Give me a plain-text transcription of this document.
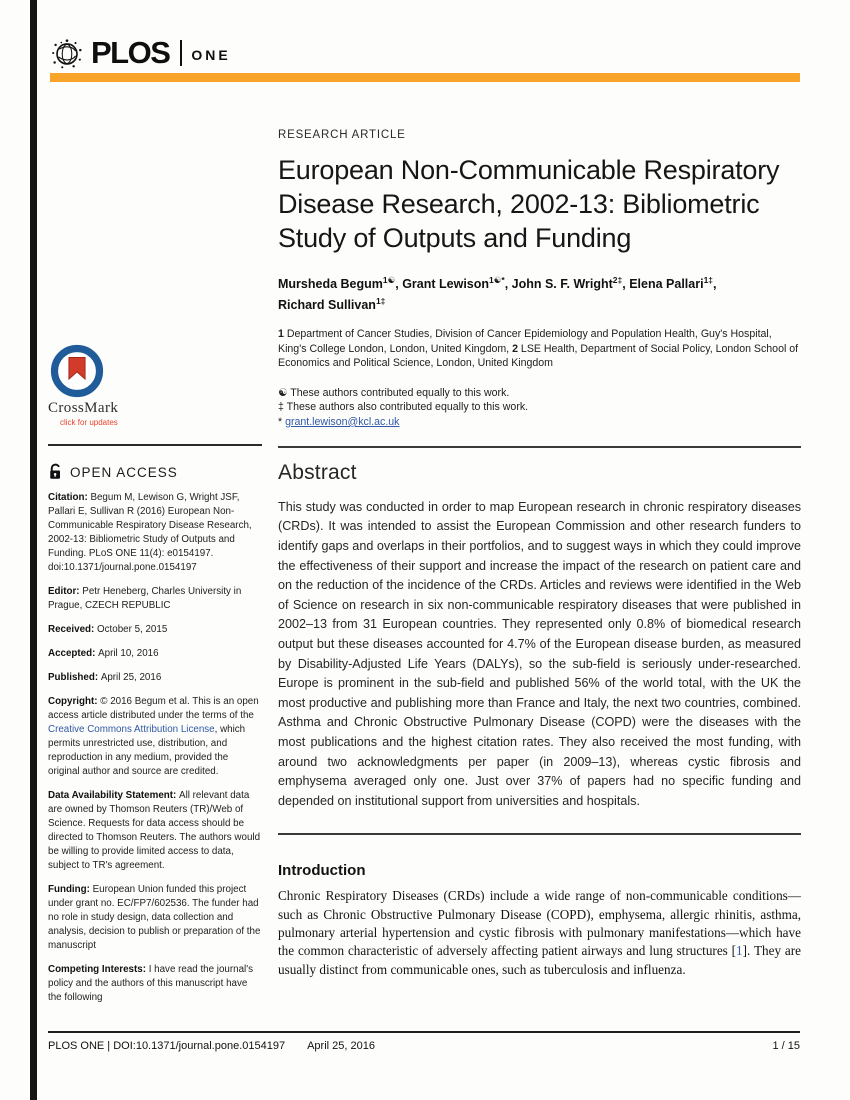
PLOS ONE
CrossMark
click for updates
OPEN ACCESS

Citation: Begum M, Lewison G, Wright JSF, Pallari E, Sullivan R (2016) European Non-Communicable Respiratory Disease Research, 2002-13: Bibliometric Study of Outputs and Funding. PLoS ONE 11(4): e0154197. doi:10.1371/journal.pone.0154197

Editor: Petr Heneberg, Charles University in Prague, CZECH REPUBLIC

Received: October 5, 2015

Accepted: April 10, 2016

Published: April 25, 2016

Copyright: © 2016 Begum et al. This is an open access article distributed under the terms of the Creative Commons Attribution License, which permits unrestricted use, distribution, and reproduction in any medium, provided the original author and source are credited.

Data Availability Statement: All relevant data are owned by Thomson Reuters (TR)/Web of Science. Requests for data access should be directed to Thomson Reuters. The authors would be willing to provide limited access to data, subject to TR's agreement.

Funding: European Union funded this project under grant no. EC/FP7/602536. The funder had no role in study design, data collection and analysis, decision to publish or preparation of the manuscript

Competing Interests: I have read the journal's policy and the authors of this manuscript have the following

RESEARCH ARTICLE
European Non-Communicable Respiratory Disease Research, 2002-13: Bibliometric Study of Outputs and Funding

Mursheda Begum$^{1☯}$, Grant Lewison$^{1☯*}$, John S. F. Wright$^{2\ddagger}$, Elena Pallari$^{1\ddagger}$,
Richard Sullivan$^{1\ddagger}$

1 Department of Cancer Studies, Division of Cancer Epidemiology and Population Health, Guy's Hospital, King's College London, London, United Kingdom, 2 LSE Health, Department of Social Policy, London School of Economics and Political Science, London, United Kingdom

☯ These authors contributed equally to this work.
‡ These authors also contributed equally to this work.
* grant.lewison@kcl.ac.uk
Abstract

This study was conducted in order to map European research in chronic respiratory diseases (CRDs). It was intended to assist the European Commission and other research funders to identify gaps and overlaps in their portfolios, and to suggest ways in which they could improve the effectiveness of their support and increase the impact of the research on patient care and on the reduction of the incidence of the CRDs. Articles and reviews were identified in the Web of Science on research in six non-communicable respiratory diseases that were published in 2002–13 from 31 European countries. They represented only 0.8% of biomedical research output but these diseases accounted for 4.7% of the European disease burden, as measured by Disability-Adjusted Life Years (DALYs), so the sub-field is seriously under-researched. Europe is prominent in the sub-field and published 56% of the world total, with the UK the most productive and publishing more than France and Italy, the next two countries, combined. Asthma and Chronic Obstructive Pulmonary Disease (COPD) were the diseases with the most publications and the highest citation rates. They also received the most funding, with around two acknowledgments per paper (in 2009–13), whereas cystic fibrosis and emphysema averaged only one. Just over 37% of papers had no specific funding and depended on institutional support from universities and hospitals.

Introduction

Chronic Respiratory Diseases (CRDs) include a wide range of non-communicable conditions—such as Chronic Obstructive Pulmonary Disease (COPD), emphysema, allergic rhinitis, asthma, pulmonary arterial hypertension and cystic fibrosis with pulmonary manifestations—which have the common characteristic of adversely affecting patient airways and lung structures [1]. They are usually distinct from communicable ones, such as tuberculosis and influenza.

PLOS ONE | DOI:10.1371/journal.pone.0154197 April 25, 2016	1 / 15
